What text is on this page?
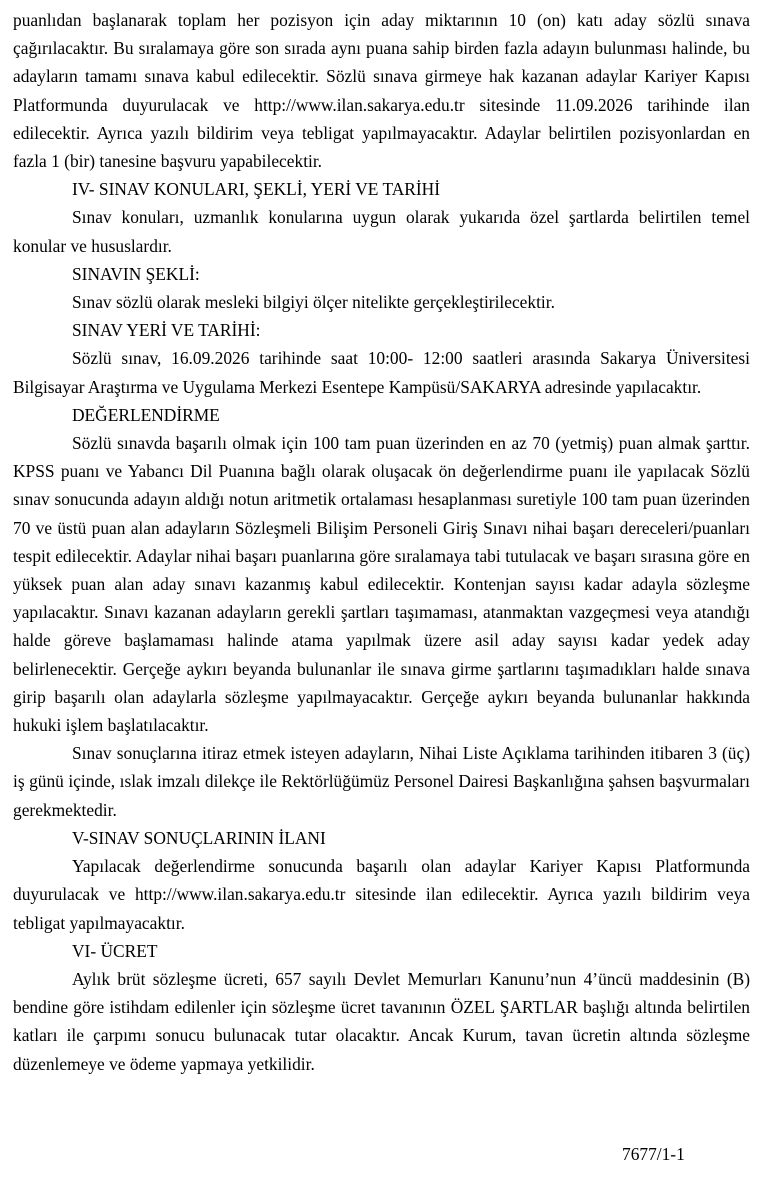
puanlıdan başlanarak toplam her pozisyon için aday miktarının 10 (on) katı aday sözlü sınava çağırılacaktır. Bu sıralamaya göre son sırada aynı puana sahip birden fazla adayın bulunması halinde, bu adayların tamamı sınava kabul edilecektir. Sözlü sınava girmeye hak kazanan adaylar Kariyer Kapısı Platformunda duyurulacak ve http://www.ilan.sakarya.edu.tr sitesinde 11.09.2026 tarihinde ilan edilecektir. Ayrıca yazılı bildirim veya tebligat yapılmayacaktır. Adaylar belirtilen pozisyonlardan en fazla 1 (bir) tanesine başvuru yapabilecektir.

IV- SINAV KONULARI, ŞEKLİ, YERİ VE TARİHİ

Sınav konuları, uzmanlık konularına uygun olarak yukarıda özel şartlarda belirtilen temel konular ve hususlardır.

SINAVIN ŞEKLİ:

Sınav sözlü olarak mesleki bilgiyi ölçer nitelikte gerçekleştirilecektir.

SINAV YERİ VE TARİHİ:

Sözlü sınav, 16.09.2026 tarihinde saat 10:00- 12:00 saatleri arasında Sakarya Üniversitesi Bilgisayar Araştırma ve Uygulama Merkezi Esentepe Kampüsü/SAKARYA adresinde yapılacaktır.

DEĞERLENDİRME

Sözlü sınavda başarılı olmak için 100 tam puan üzerinden en az 70 (yetmiş) puan almak şarttır. KPSS puanı ve Yabancı Dil Puanına bağlı olarak oluşacak ön değerlendirme puanı ile yapılacak Sözlü sınav sonucunda adayın aldığı notun aritmetik ortalaması hesaplanması suretiyle 100 tam puan üzerinden 70 ve üstü puan alan adayların Sözleşmeli Bilişim Personeli Giriş Sınavı nihai başarı dereceleri/puanları tespit edilecektir. Adaylar nihai başarı puanlarına göre sıralamaya tabi tutulacak ve başarı sırasına göre en yüksek puan alan aday sınavı kazanmış kabul edilecektir. Kontenjan sayısı kadar adayla sözleşme yapılacaktır. Sınavı kazanan adayların gerekli şartları taşımaması, atanmaktan vazgeçmesi veya atandığı halde göreve başlamaması halinde atama yapılmak üzere asil aday sayısı kadar yedek aday belirlenecektir. Gerçeğe aykırı beyanda bulunanlar ile sınava girme şartlarını taşımadıkları halde sınava girip başarılı olan adaylarla sözleşme yapılmayacaktır. Gerçeğe aykırı beyanda bulunanlar hakkında hukuki işlem başlatılacaktır.

Sınav sonuçlarına itiraz etmek isteyen adayların, Nihai Liste Açıklama tarihinden itibaren 3 (üç) iş günü içinde, ıslak imzalı dilekçe ile Rektörlüğümüz Personel Dairesi Başkanlığına şahsen başvurmaları gerekmektedir.

V-SINAV SONUÇLARININ İLANI

Yapılacak değerlendirme sonucunda başarılı olan adaylar Kariyer Kapısı Platformunda duyurulacak ve http://www.ilan.sakarya.edu.tr sitesinde ilan edilecektir. Ayrıca yazılı bildirim veya tebligat yapılmayacaktır.

VI- ÜCRET

Aylık brüt sözleşme ücreti, 657 sayılı Devlet Memurları Kanunu’nun 4’üncü maddesinin (B) bendine göre istihdam edilenler için sözleşme ücret tavanının ÖZEL ŞARTLAR başlığı altında belirtilen katları ile çarpımı sonucu bulunacak tutar olacaktır. Ancak Kurum, tavan ücretin altında sözleşme düzenlemeye ve ödeme yapmaya yetkilidir.

7677/1-1
